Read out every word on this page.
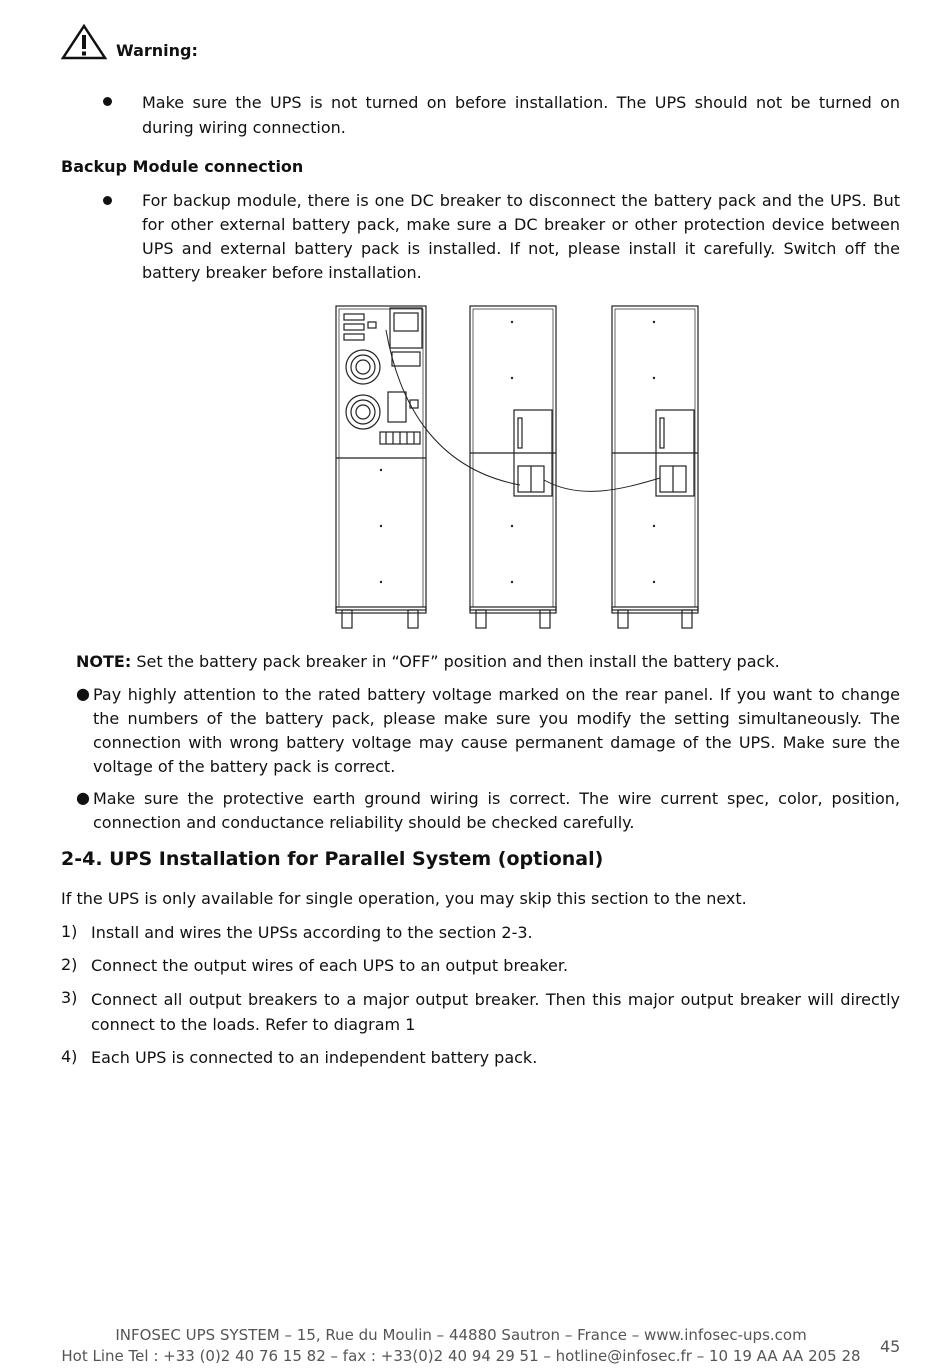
Warning:
Make sure the UPS is not turned on before installation. The UPS should not be turned on during wiring connection.
Backup Module connection
For backup module, there is one DC breaker to disconnect the battery pack and the UPS. But for other external battery pack, make sure a DC breaker or other protection device between UPS and external battery pack is installed. If not, please install it carefully. Switch off the battery breaker before installation.
NOTE: Set the battery pack breaker in “OFF” position and then install the battery pack.
● Pay highly attention to the rated battery voltage marked on the rear panel. If you want to change the numbers of the battery pack, please make sure you modify the setting simultaneously. The connection with wrong battery voltage may cause permanent damage of the UPS. Make sure the voltage of the battery pack is correct.
● Make sure the protective earth ground wiring is correct. The wire current spec, color, position, connection and conductance reliability should be checked carefully.
2-4. UPS Installation for Parallel System (optional)
If the UPS is only available for single operation, you may skip this section to the next.
1) Install and wires the UPSs according to the section 2-3.
2) Connect the output wires of each UPS to an output breaker.
3) Connect all output breakers to a major output breaker. Then this major output breaker will directly connect to the loads. Refer to diagram 1
4) Each UPS is connected to an independent battery pack.
INFOSEC UPS SYSTEM – 15, Rue du Moulin – 44880 Sautron – France – www.infosec-ups.com
Hot Line Tel : +33 (0)2 40 76 15 82 – fax : +33(0)2 40 94 29 51 – hotline@infosec.fr – 10 19 AA AA 205 28 45
